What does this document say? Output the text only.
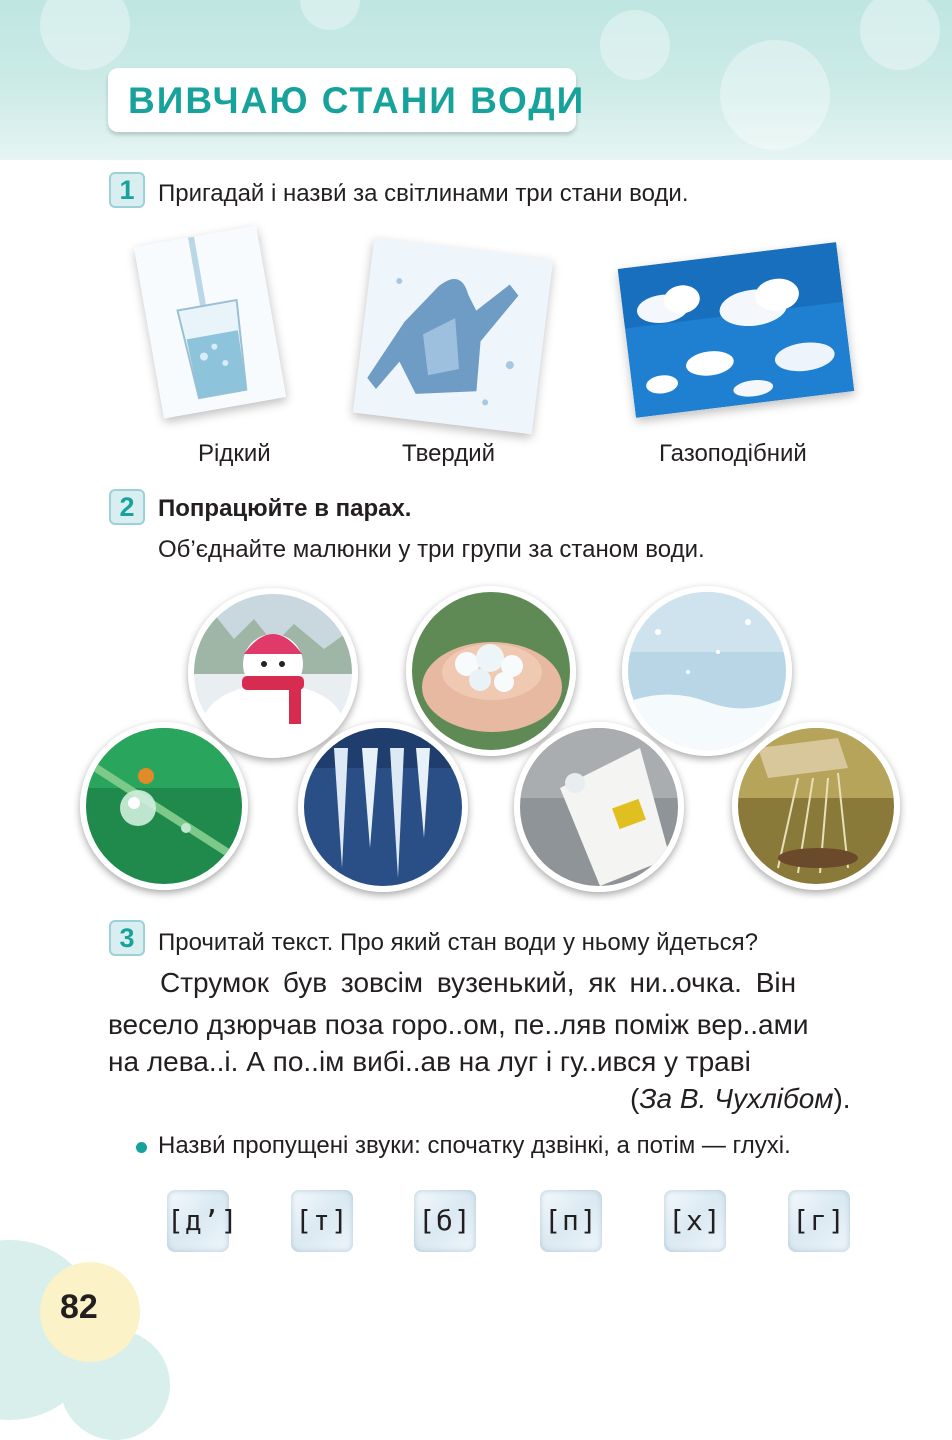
ВИВЧАЮ СТАНИ ВОДИ
1 Пригадай і назви́ за світлинами три стани води.
Рідкий	Твердий	Газоподібний
2 Попрацюйте в парах.
Об’єднайте малюнки у три групи за станом води.
3 Прочитай текст. Про який стан води у ньому йдеться?
Струмок був зовсім вузенький, як ни..очка. Він
весело дзюрчав поза горо..ом, пе..ляв поміж вер..ами
на лева..і. А по..ім вибі..ав на луг і гу..ився у траві
(За В. Чухлібом).
Назви́ пропущені звуки: спочатку дзвінкі, а потім — глухі.
[д’] [т] [б]	[п]	[х]	[г]
82
